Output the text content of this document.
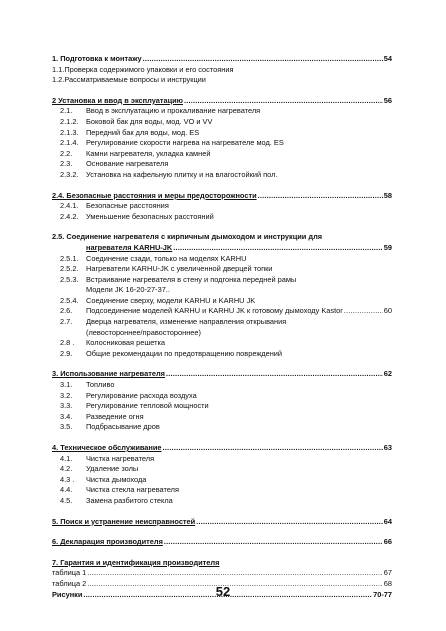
1. Подготовка к монтажу .....	54
1.1.Проверка содержимого упаковки и его состояния
1.2.Рассматриваемые вопросы и инструкции
2 Установка и ввод в эксплуатацию .....	56
2.1. Ввод в эксплуатацию и прокаливание нагревателя
2.1.2. Боковой бак для воды, мод. VO и VV
2.1.3. Передний бак для воды, мод. ES
2.1.4. Регулирование скорости нагрева на нагревателе мод. ES
2.2. Камни нагревателя, укладка камней
2.3. Основание нагревателя
2.3.2. Установка на кафельную плитку и на влагостойкий пол.
2.4. Безопасные расстояния и меры предосторожности .....	58
2.4.1. Безопасные расстояния
2.4.2. Уменьшение безопасных расстояний
2.5. Соединение нагревателя с кирпичным дымоходом и инструкции для
нагревателя KARHU-JK .....	59
2.5.1. Соединение сзади, только на моделях KARHU
2.5.2. Нагреватели KARHU-JK с увеличенной дверцей топки
2.5.3. Встраивание нагревателя в стену и подгонка передней рамы
Модели JK 16-20-27-37..
2.5.4. Соединение сверху, модели KARHU и KARHU JK
2.6. Подсоединение моделей KARHU и KARHU JK к готовому дымоходу Kastor .....	60
2.7. Дверца нагревателя, изменение направления открывания
(левостороннее/правостороннее)
2.8 . Колосниковая решетка
2.9. Общие рекомендации по предотвращению повреждений
3. Использование нагревателя .....	62
3.1. Топливо
3.2. Регулирование расхода воздуха
3.3. Регулирование тепловой мощности
3.4. Разведение огня
3.5. Подбрасывание дров
4. Техническое обслуживание .....	63
4.1. Чистка нагревателя
4.2. Удаление золы
4.3 . Чистка дымохода
4.4. Чистка стекла нагревателя
4.5. Замена разбитого стекла
5. Поиск и устранение неисправностей .....	64
6. Декларация производителя .....	66
7. Гарантия и идентификация производителя
таблица 1 .....	67
таблица 2 .....	68
Рисунки .....	70-77
52
